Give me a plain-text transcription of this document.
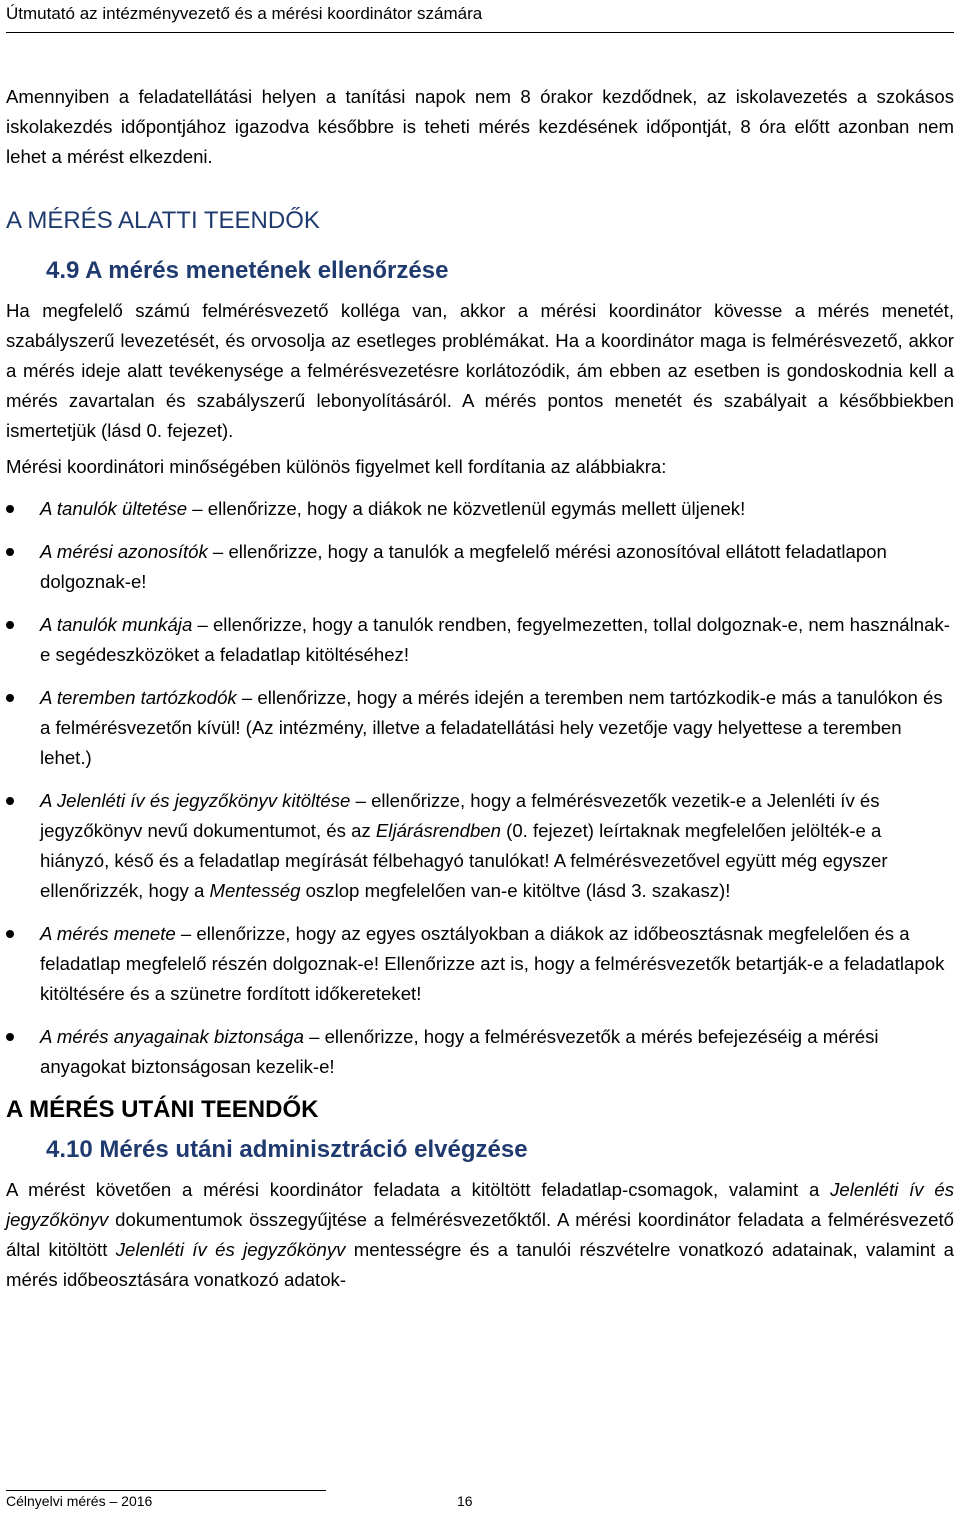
Útmutató az intézményvezető és a mérési koordinátor számára

Amennyiben a feladatellátási helyen a tanítási napok nem 8 órakor kezdődnek, az iskolavezetés a szokásos iskolakezdés időpontjához igazodva későbbre is teheti mérés kezdésének időpontját, 8 óra előtt azonban nem lehet a mérést elkezdeni.

A MÉRÉS ALATTI TEENDŐK
4.9 A mérés menetének ellenőrzése

Ha megfelelő számú felmérésvezető kolléga van, akkor a mérési koordinátor kövesse a mérés menetét, szabályszerű levezetését, és orvosolja az esetleges problémákat. Ha a koordinátor maga is felmérésvezető, akkor a mérés ideje alatt tevékenysége a felmérésvezetésre korlátozódik, ám ebben az esetben is gondoskodnia kell a mérés zavartalan és szabályszerű lebonyolításáról. A mérés pontos menetét és szabályait a későbbiekben ismertetjük (lásd 0. fejezet).

Mérési koordinátori minőségében különös figyelmet kell fordítania az alábbiakra:

A tanulók ültetése – ellenőrizze, hogy a diákok ne közvetlenül egymás mellett üljenek!
A mérési azonosítók – ellenőrizze, hogy a tanulók a megfelelő mérési azonosítóval ellátott feladatlapon dolgoznak-e!
A tanulók munkája – ellenőrizze, hogy a tanulók rendben, fegyelmezetten, tollal dolgoznak-e, nem használnak-e segédeszközöket a feladatlap kitöltéséhez!
A teremben tartózkodók – ellenőrizze, hogy a mérés idején a teremben nem tartózkodik-e más a tanulókon és a felmérésvezetőn kívül! (Az intézmény, illetve a feladatellátási hely vezetője vagy helyettese a teremben lehet.)
A Jelenléti ív és jegyzőkönyv kitöltése – ellenőrizze, hogy a felmérésvezetők vezetik-e a Jelenléti ív és jegyzőkönyv nevű dokumentumot, és az Eljárásrendben (0. fejezet) leírtaknak megfelelően jelölték-e a hiányzó, késő és a feladatlap megírását félbehagyó tanulókat! A felmérésvezetővel együtt még egyszer ellenőrizzék, hogy a Mentesség oszlop megfelelően van-e kitöltve (lásd 3. szakasz)!
A mérés menete – ellenőrizze, hogy az egyes osztályokban a diákok az időbeosztásnak megfelelően és a feladatlap megfelelő részén dolgoznak-e! Ellenőrizze azt is, hogy a felmérésvezetők betartják-e a feladatlapok kitöltésére és a szünetre fordított időkereteket!
A mérés anyagainak biztonsága – ellenőrizze, hogy a felmérésvezetők a mérés befejezéséig a mérési anyagokat biztonságosan kezelik-e!
A MÉRÉS UTÁNI TEENDŐK
4.10 Mérés utáni adminisztráció elvégzése

A mérést követően a mérési koordinátor feladata a kitöltött feladatlap-csomagok, valamint a Jelenléti ív és jegyzőkönyv dokumentumok összegyűjtése a felmérésvezetőktől. A mérési koordinátor feladata a felmérésvezető által kitöltött Jelenléti ív és jegyzőkönyv mentességre és a tanulói részvételre vonatkozó adatainak, valamint a mérés időbeosztására vonatkozó adatok-

Célnyelvi mérés – 2016	16
